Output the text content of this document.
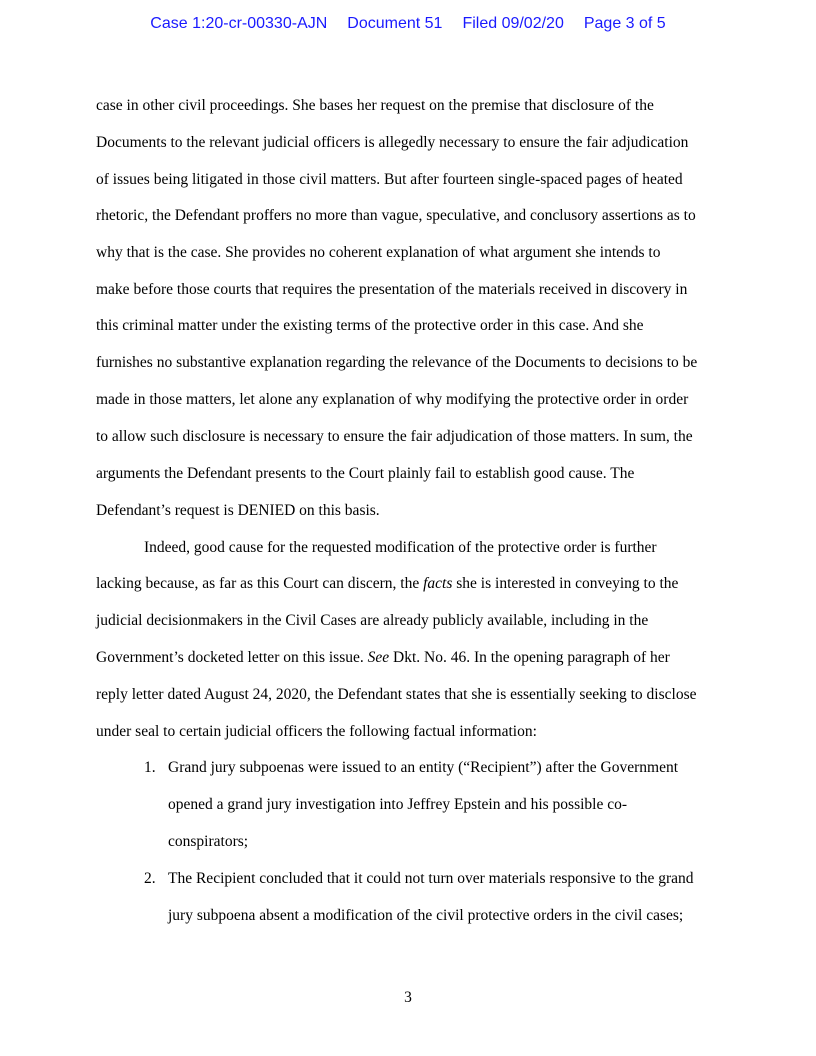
Case 1:20-cr-00330-AJN Document 51 Filed 09/02/20 Page 3 of 5
case in other civil proceedings. She bases her request on the premise that disclosure of the
Documents to the relevant judicial officers is allegedly necessary to ensure the fair adjudication
of issues being litigated in those civil matters. But after fourteen single-spaced pages of heated
rhetoric, the Defendant proffers no more than vague, speculative, and conclusory assertions as to
why that is the case. She provides no coherent explanation of what argument she intends to
make before those courts that requires the presentation of the materials received in discovery in
this criminal matter under the existing terms of the protective order in this case. And she
furnishes no substantive explanation regarding the relevance of the Documents to decisions to be
made in those matters, let alone any explanation of why modifying the protective order in order
to allow such disclosure is necessary to ensure the fair adjudication of those matters. In sum, the
arguments the Defendant presents to the Court plainly fail to establish good cause. The
Defendant’s request is DENIED on this basis.
Indeed, good cause for the requested modification of the protective order is further
lacking because, as far as this Court can discern, the facts she is interested in conveying to the
judicial decisionmakers in the Civil Cases are already publicly available, including in the
Government’s docketed letter on this issue. See Dkt. No. 46. In the opening paragraph of her
reply letter dated August 24, 2020, the Defendant states that she is essentially seeking to disclose
under seal to certain judicial officers the following factual information:
1. Grand jury subpoenas were issued to an entity (“Recipient”) after the Government
opened a grand jury investigation into Jeffrey Epstein and his possible co-
conspirators;
2. The Recipient concluded that it could not turn over materials responsive to the grand
jury subpoena absent a modification of the civil protective orders in the civil cases;
3
